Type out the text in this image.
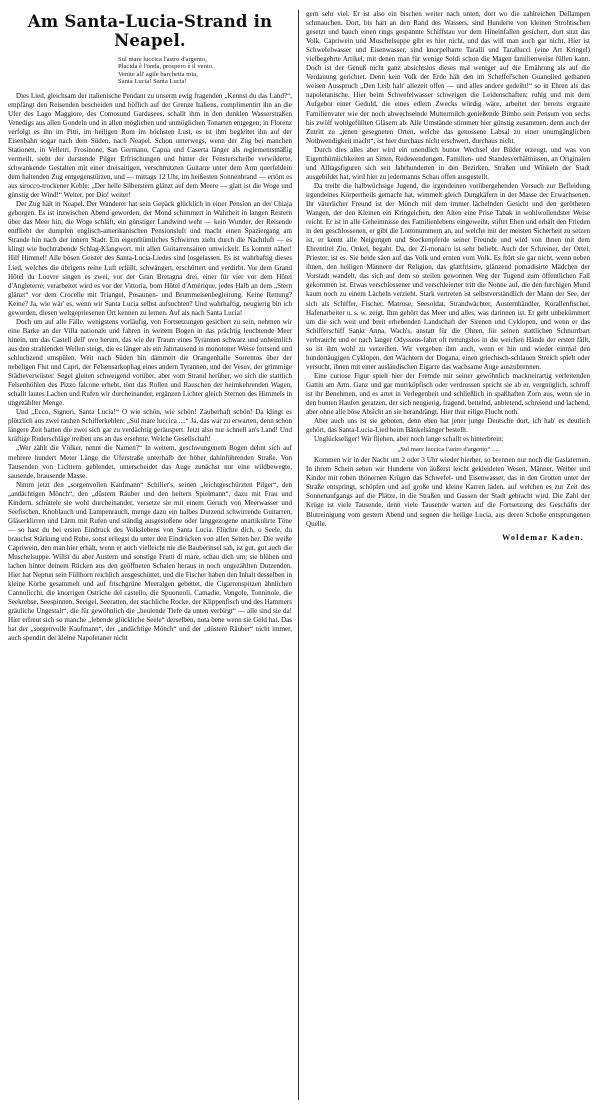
Am Santa-Lucia-Strand in Neapel.
Sul mare luccica l'astro d'argento,
Placida è l'onda, prospero è il vento.
Venite all' agile barchetta mia,
Santa Lucia! Santa Lucia!

Dies Lied, gleichsam der italienische Pendant zu unserm ewig fragenden „Kennst du das Land?“, empfängt den Reisenden bescheiden und höflich auf der Grenze Italiens, complimentirt ihn an die Ufer des Lago Maggiore, des Comosund Gardasees, schallt ihm in den dunklen Wasserstraßen Venedigs aus allen Gondeln und in allen möglichen und unmöglichen Tonarten entgegen; in Florenz verfolgt es ihn im Pitti, im heiligen Rom im höchsten Lust, es ist ihm begleitet ihn auf der Eisenbahn sogar nach dem Süden, nach Neapel. Schon unterwegs, wenn der Zug bei manchen Stationen, in Velletri, Frosinone, San Germano, Capua und Caserta länger als reglementsmäßig vermeilt, sieht der durstende Pilger Erfrischungen und hinter der Fensterscheibe verwilderte, schwankende Gestalten mit einer dreisaitigen, verschmitzten Guitarre unter dem Arm querfeldein dem haltenden Zug entgegenstürzen, und — mittags 12 Uhr, im heißesten Sonnenbrand — ertönt es aus sirocco-trockener Kehle: „Der helle Silberstern glänzt auf dem Meere — glatt ist die Woge und günstig der Wind!“ Weiter, per Dio! weiter!

Der Zug hält in Neapel. Der Wanderer hat sein Gepäck glücklich in einer Pension an der Chiaja geborgen. Es ist inzwischen Abend geworden, der Mond schimmert in Wahrheit in langen Restern über das Meer hin, die Woge schläft, ein günstiger Landwind weht — kein Wunder, der Reisende entflieht der dumpfen englisch-amerikanischen Pensionsluft und macht einen Spaziergang am Strande hin nach der innern Stadt. Ein eigenthümliches Schwirren zieht durch die Nachtluft — es klingt wie hochtrabende Schlag-Klangwort, mit allen Guitarrensaiten umwickelt. Es kommt näher! Hilf Himmel! Alle bösen Geister des Santa-Lucia-Liedes sind losgelassen. Es ist wahrhaftig dieses Lied, welches die übrigens reine Luft erfüllt, schwängert, erschüttert und verdirbt. Vor dem Grand Hôtel du Louvre singen es zwei, vor der Gran Bretagna drei, einer für vier vor dem Hôtel d'Angleterre; verarbeitet wird es vor der Vittoria, bom Hôtel d'Amérique, jedes Halb an dem „Stern glänzt“ vor dem Crocelle mit Triangel, Posaunen- und Brummeisenbegleitung. Keine Rettung? Keine? Ja, wie wär' es, wenn wir Santa Lucia selbst aufsuchten? Und wahrhaftig, neugierig bin ich geworden, diesen weltgepriesenen Ort kennen zu lernen. Auf als nach Santa Lucia!

Doch um auf alle Fälle, wenigstens vorläufig, von Fortsetzungen gesichert zu sein, nehmen wir eine Barke an der Villa nationale und fahren in weitem Bogen in das prächtig leuchtende Meer hinein, um das Castell dell' ovo herum, das wie der Traum eines Tyrannen schwarz und unheimlich aus den strahlenden Wellen steigt, die es länger als ein Jahrtausend in monotoner Weise fortsend und schluchzend umspülen. Weit nach Süden hin dämmert die Orangenhalle Sorrentos über der nebeligen Flut und Capri, der Felsensarkophag eines andern Tyrannen, und der Vesuv, der grimmige Städteverwüster. Segel gleiten schweigend vorüber, aber vom Strand herüber, wo sich die stattlich Felsenhöhlen des Pizzo falcone erhebt, tönt das Rollen und Rauschen der heimkehrenden Wagen, schallt lautes Lachen und Rufen wir durcheinander, ergänzen Lichter gleich Sternen des Himmels in ungezählter Menge.

Und „Ecco, Signori, Santa Lucia!“ O wie schön, wie schön! Zauberhaft schön! Da klingt es plötzlich aus zwei rauhen Schifferkehlen: „Sul mare luccica ....“ Ja, das war zu erwarten, denn schon längere Zeit hatten die zwei sich gar zu verdächtig geräuspert. Jetzt also nur schnell an's Land! Und kräftige Ruderschläge treiben uns an das ersehnte. Welche Gesellschaft!

„Wer zählt die Völker, nennt die Namen?“ In weitem, geschwungenem Bogen dehnt sich auf mehrere hundert Meter Länge die Uferstraße unterhalb der höher dahinführenden Straße. Von Tausenden von Lichtern geblendet, unterscheidet das Auge zunächst nur eine wildbewegte, sausende, brausende Masse.

Nimm jetzt den „sorgenvollen Kaufmann“ Schiller's, seinen „leichtgeschürzten Pilger“, den „andächtigen Mönch“, den „düstern Räuber und den heitern Spielmann“, dazu mit Frau und Kindern, schüttele sie wohl durcheinander, versetze sie mit einem Geruch von Meerwasser und Seefischen, Knoblauch und Lampenrauch, menge dazu ein halbes Dutzend schwirrende Guitarren, Gläserklirren und Lärm mit Rufen und ständig ausgestoßene oder langgezogene unartikulirte Töne — so hast du bei ersten Eindruck des Volkslebens von Santa Lucia. Flüchte dich, o Seele, du brauchst Stärkung und Ruhe, sonst erliegst du unter den Eindrücken von allen Seiten her. Die weiße Capriwein, den man hier erhält, wenn er auch vielleicht nie die Bauberinsel sah, ist gut, gut auch die Muschelsuppe. Willst du aber Austern und sonstige Frutti di mare, schau dich um; sie blühen und lachen hinter deinem Rücken aus den geöffneten Schalen heraus in noch ungezählten Dutzenden. Hier hat Neptun sein Füllhorn reichlich ausgeschüttet, und die Fischer haben den Inhalt desselben in kleine Körbe gesammelt und auf frischgrüne Meeralgen gebettet, die Cigarrenspitzen ähnlichen Cannolicchi, die knorrigen Ostriche del castello, die Spuonuoli, Camadie, Vongole, Tonninole, die Seekrebse, Seespinnen, Seeigel, Seeratten, der stachliche Rocke, der Klippenfisch und des Hammers gräuliche Ungestalt“, die für gewöhnlich die „heulende Tiefe da unten verbirgt“ — alle sind sie da! Hier erfreut sich so manche „lebende glückliche Seele“ derselben, nota bene wenn sie Geld hat. Das hat der „sorgenvolle Kaufmann“, der „andächtige Mönch“ und der „düstere Räuber“ nicht immer, auch spendirt der kleine Napoletaner nicht

gern sehr viel. Er ist also ein bischen weiter nach unten, dort wo die zahlreichen Dellampen schmauchen. Dort, bis hart an den Rand des Wassers, sind Hunderte von kleinen Strohtischen gesetzt und bauch einen rings gespannte Schiffstau vor dem Hineinfallen gesichert, dort sitzt das Volk. Capriwein und Muschelsuppe gibt es hier nicht, und das will man auch gar nicht. Hier ist Schwefelwasser und Eisenwasser, sind knorpelharte Taralli und Tarallucci (eine Art Kringel) vielbegehrte Artikel, mit denen man für wenige Soldi schon die Magen familienweise füllen kann. Doch ist der Genuß nicht ganz absichtslos dieses mal weniger auf die Ernährung als auf die Verdauung gerichtet. Denn kein Volk der Erde hält den im Scheffel'schen Guanolied gethanen weisen Ausspruch „Den Leib halt' allezeit offen — und alles andere gedeiht!“ so in Ehren als das napoletanische. Hier beim Schwefelwasser schweigen die Leidenschaften; ruhig und mit dem Aufgebot einer Geduld, die eines edlern Zwecks würdig wäre, arbeitet der bereits ergraute Familienvater wie der noch abwechselnde Muttermilch genießende Bimbo sein Pensum von sechs bis zwölf wohlgefüllten Gläsern ab. Alle Umstände stimmen hier günstig zusammen, denn auch der Zutritt zu „jenen gesegneten Orten, welche das genossene Labsal zu einer unumgänglichen Nothwendigkeit macht“, ist hier durchaus nicht erschwert, durchaus nicht.

Durch dies alles aber wird ein unendlich bunter Wechsel der Bilder erzeugt, und was von Eigenthümlichkeiten an Sitten, Redewendungen, Familien- und Standesverhältnissen, an Originalen und Alltagsfiguren sich seit Jahrhunderten in den Bezirken, Straßen und Winkeln der Stadt ausgebildet hat, wird hier zu jedermanns Schau offen ausgestellt.

Da treibt die halbwüchsige Jugend, die irgendeinen vorübergehenden Versuch zur Befleidung irgendeines Körpertheils gemacht hat, wimmelt gleich Dungkäfern in der Masse der Erwachsenen. Ihr väterlicher Freund ist der Mönch mit dem immer lächelnden Gesicht und den gerötheten Wangen, der den Kleinen ein Kringelchen, den Alten eine Prise Tabak in wohlwollendster Weise reicht. Er ist in alle Geheimnisse des Familienlebens eingeweiht, stiftet Ehen und erhält den Frieden in den geschlossenen, er gibt die Lottonummern an, auf welche mit der meisten Sicherheit zu setzen ist, er kennt alle Neigungen und Steckenpferde seiner Freunde und wird von ihnen mit dem Ehrentitel Zio, Onkel, begabt. Da, der Zi-monaco ist sehr beliebt. Auch der Schreiner, der Ortel, Priester, ist es. Sie beide säen auf das Volk und ernten vom Volk. Es ftört sie gar nicht, wenn neben ihnen, den heiligen Männern der Religion, das glattfrisirte, glänzend pomadisirte Mädchen der Vorstadt wandelt, das sich auf dem so steilen gewonnen Weg der Tugend zum öffentlichen Fall gekommen ist. Etwas verschlossener und verschleierter tritt die Nonne auf, die den furchigen Mund kaum noch zu einem Lächeln verzieht. Stark vertreten ist selbstverständlich der Mann der See, der sich als Schiffer, Fischer, Matrose, Seesoldat, Strandwächter, Austernhändler, Korallenfischer, Hafenarbeiter u. s. w. zeigt. Ihm gehört das Meer und alles, was darinnen ist. Er geht unbekümmert um die sich weit und breit erhebenden Landschaft der Sirenen und Cyklopen, und wenn er das Schifferschiff Sankt Anna, Wach's, anstatt für die Ohren, für seinen stattlichen Schnurrbart verbraucht und er nach langer Odysseus-fahrt oft rettungslos in die weichen Hände der ersten fällt, so ist ihm wohl zu verzeihen. Wir vergeben ihm auch, wenn er hin und wieder einmal den hundertäugigen Cyklopen, den Wächtern der Dogana, einen griechisch-schlauen Streich spielt oder versucht, ihnen mit einer ausländischen Eigarre das wachsame Auge auszubrennen.

Eine curiose Figur spielt hier der Fremde mit seiner gewöhnlich mackneirartig verleitenden Gattin am Arm. Ganz und gar murrköpfisch oder verdrossen spricht sie ab er, vergnüglich, schroff ist ihr Benehmen, und es artet in Verlegenheit und schließlich in spaßhaften Zorn aus, wenn sie in den bunten Haufen geratzen, der sich neugierig, fragend, bettelnd, anbietend, schreiend und lachend, aber ohne alle böse Absicht an sie herandrängt. Hier thut eilige Flucht noth.

Aber auch uns ist sie geboten, denn eben hat jener junge Deutsche dort, ich hab' es deutlich gehört, das Santa-Lucia-Lied beim Bänkelsänger bestellt.

Unglückseliger! Wir fliehen, aber noch lange schallt es hinterbrein:

„Sul mare luccica l'astro d'argento“ ....

Kommen wir in der Nacht um 2 oder 3 Uhr wieder hierher, so brennen nur noch die Gaslaternen. In ihrem Schein sehen wir Hunderte von äußerst leicht gekleideten Wesen, Männer, Weiber und Kinder mit rohen thönernen Krügen das Schwefel- und Eisenwasser, das in den Grotten unter der Straße entspringt, schöpfen und auf große und kleine Karren laden, auf welchen es zur Zeit des Sonnenaufgangs auf die Plätze, in die Straßen und Gassen der Stadt gebracht wird. Die Zahl der Krüge ist viele Tausende, denn viele Tausende warten auf die Fortsetzung des Geschäfts der Blutreinigung vom gestern Abend und segnen die heilige Lucia, aus deren Schoße entsprungenen Quelle.

Woldemar Kaden.
